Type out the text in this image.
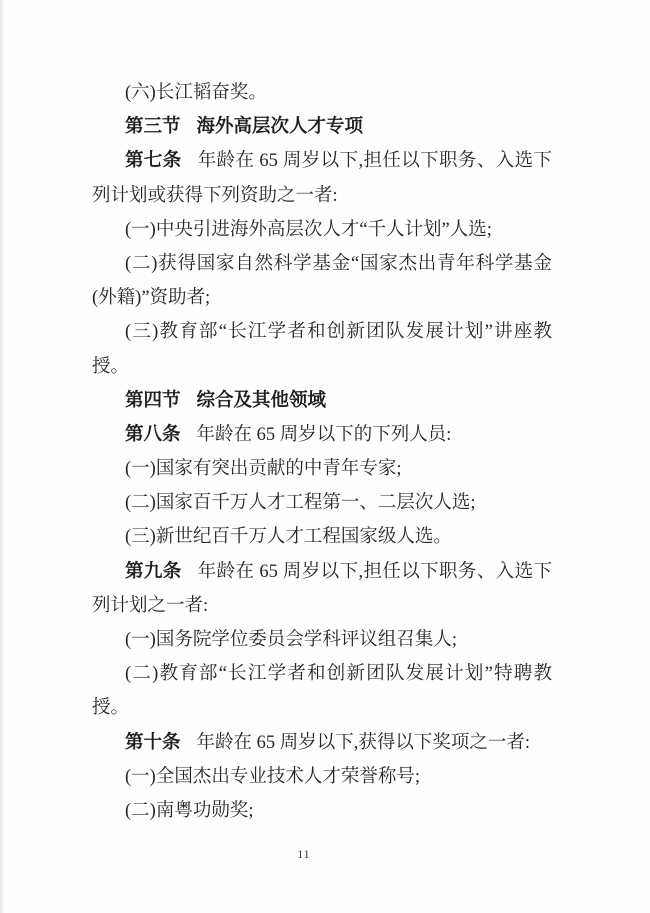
(六)长江韬奋奖。
第三节 海外高层次人才专项
第七条 年龄在 65 周岁以下,担任以下职务、入选下
列计划或获得下列资助之一者:
(一)中央引进海外高层次人才“千人计划”人选;
(二)获得国家自然科学基金“国家杰出青年科学基金
(外籍)”资助者;
(三)教育部“长江学者和创新团队发展计划”讲座教
授。
第四节 综合及其他领域
第八条 年龄在 65 周岁以下的下列人员:
(一)国家有突出贡献的中青年专家;
(二)国家百千万人才工程第一、二层次人选;
(三)新世纪百千万人才工程国家级人选。
第九条 年龄在 65 周岁以下,担任以下职务、入选下
列计划之一者:
(一)国务院学位委员会学科评议组召集人;
(二)教育部“长江学者和创新团队发展计划”特聘教
授。
第十条 年龄在 65 周岁以下,获得以下奖项之一者:
(一)全国杰出专业技术人才荣誉称号;
(二)南粤功勋奖;
11
